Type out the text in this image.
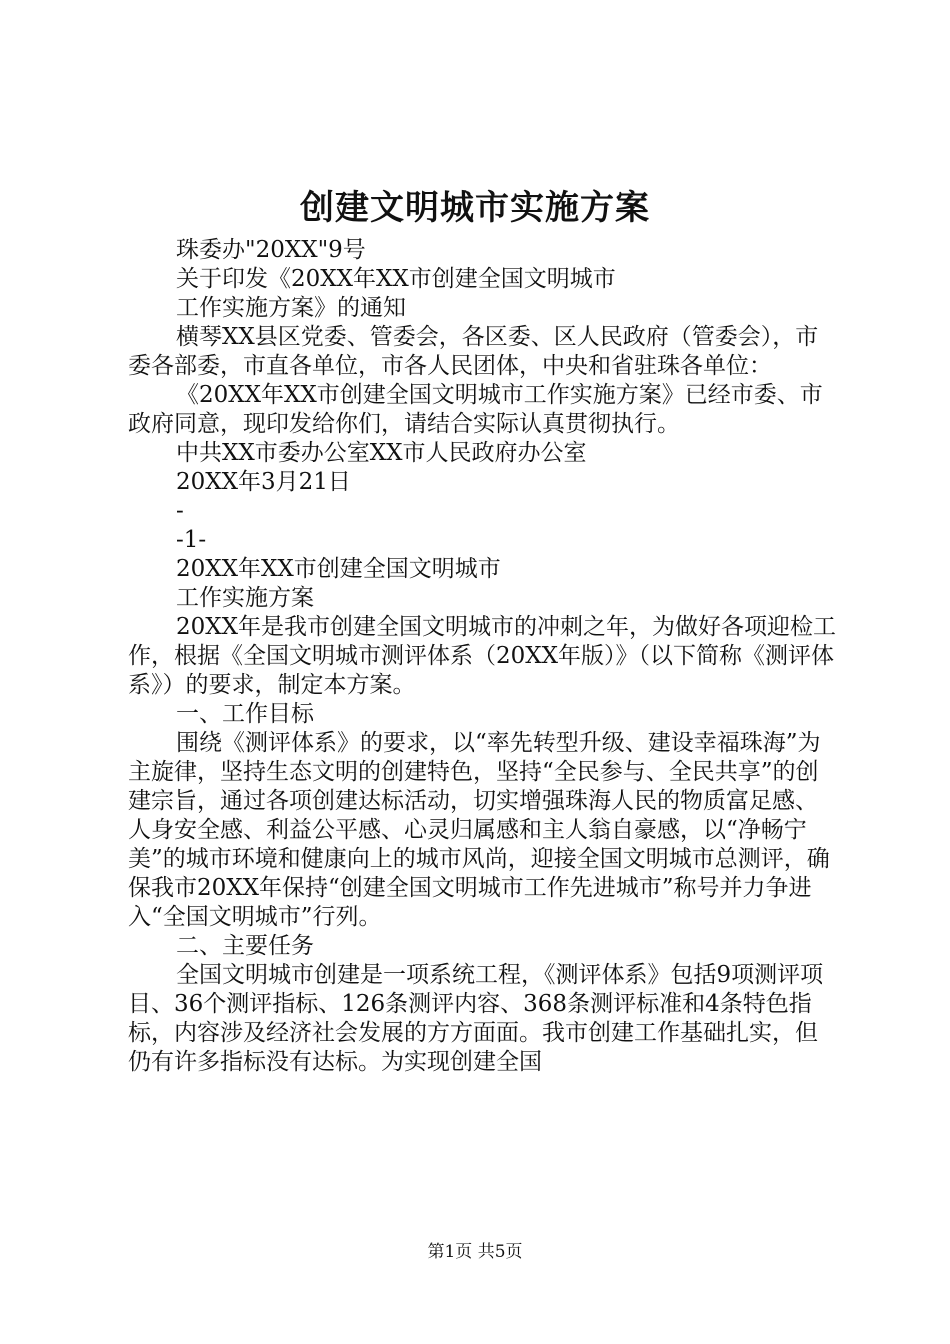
创建文明城市实施方案

珠委办"20XX"9号

关于印发《20XX年XX市创建全国文明城市

工作实施方案》的通知

横琴XX县区党委、管委会，各区委、区人民政府（管委会），市委各部委，市直各单位，市各人民团体，中央和省驻珠各单位：

《20XX年XX市创建全国文明城市工作实施方案》已经市委、市政府同意，现印发给你们，请结合实际认真贯彻执行。

中共XX市委办公室XX市人民政府办公室

20XX年3月21日

-

-1-

20XX年XX市创建全国文明城市

工作实施方案

20XX年是我市创建全国文明城市的冲刺之年，为做好各项迎检工作，根据《全国文明城市测评体系（20XX年版）》（以下简称《测评体系》）的要求，制定本方案。

一、工作目标

围绕《测评体系》的要求，以“率先转型升级、建设幸福珠海”为主旋律，坚持生态文明的创建特色，坚持“全民参与、全民共享”的创建宗旨，通过各项创建达标活动，切实增强珠海人民的物质富足感、人身安全感、利益公平感、心灵归属感和主人翁自豪感，以“净畅宁美”的城市环境和健康向上的城市风尚，迎接全国文明城市总测评，确保我市20XX年保持“创建全国文明城市工作先进城市”称号并力争进入“全国文明城市”行列。

二、主要任务

全国文明城市创建是一项系统工程，《测评体系》包括9项测评项目、36个测评指标、126条测评内容、368条测评标准和4条特色指标，内容涉及经济社会发展的方方面面。我市创建工作基础扎实，但仍有许多指标没有达标。为实现创建全国

第1页 共5页
